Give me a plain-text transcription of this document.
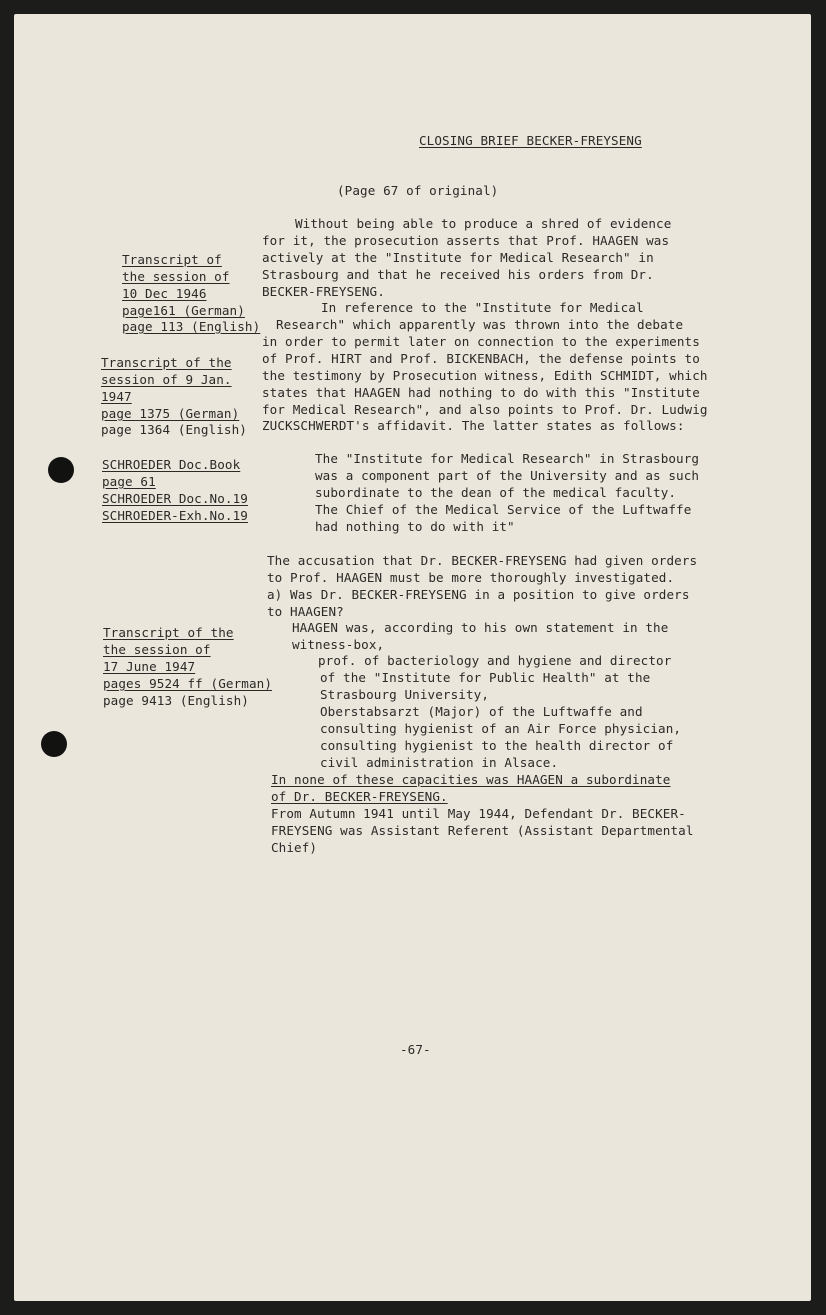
CLOSING BRIEF BECKER-FREYSENG
(Page 67 of original)
Transcript of
the session of
10 Dec 1946
page161 (German)
page 113 (English)
Without being able to produce a shred of evidence
for it, the prosecution asserts that Prof. HAAGEN was
actively at the "Institute for Medical Research" in
Strasbourg and that he received his orders from Dr.
BECKER-FREYSENG.
In reference to the "Institute for Medical
Research" which apparently was thrown into the debate
in order to permit later on connection to the experiments
of Prof. HIRT and Prof. BICKENBACH, the defense points to
the testimony by Prosecution witness, Edith SCHMIDT, which
states that HAAGEN had nothing to do with this "Institute
for Medical Research", and also points to Prof. Dr. Ludwig
ZUCKSCHWERDT's affidavit. The latter states as follows:
Transcript of the
session of 9 Jan.
1947
page 1375 (German)
page 1364 (English)
SCHROEDER Doc.Book
page 61
SCHROEDER Doc.No.19
SCHROEDER-Exh.No.19
The "Institute for Medical Research" in Strasbourg
was a component part of the University and as such
subordinate to the dean of the medical faculty.
The Chief of the Medical Service of the Luftwaffe
had nothing to do with it"
The accusation that Dr. BECKER-FREYSENG had given orders
to Prof. HAAGEN must be more thoroughly investigated.
a) Was Dr. BECKER-FREYSENG in a position to give orders
to HAAGEN?
HAAGEN was, according to his own statement in the
witness-box,
Transcript of the
the session of
17 June 1947
pages 9524 ff (German)
page 9413 (English)
prof. of bacteriology and hygiene and director
of the "Institute for Public Health" at the
Strasbourg University,
Oberstabsarzt (Major) of the Luftwaffe and
consulting hygienist of an Air Force physician,
consulting hygienist to the health director of
civil administration in Alsace.
In none of these capacities was HAAGEN a subordinate
of Dr. BECKER-FREYSENG.
From Autumn 1941 until May 1944, Defendant Dr. BECKER-
FREYSENG was Assistant Referent (Assistant Departmental
Chief)
-67-
